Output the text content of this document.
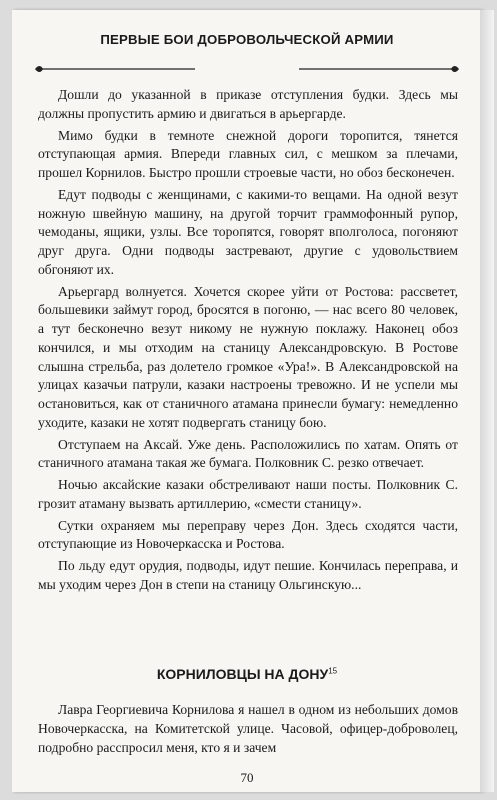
ПЕРВЫЕ БОИ ДОБРОВОЛЬЧЕСКОЙ АРМИИ

Дошли до указанной в приказе отступления будки. Здесь мы должны пропустить армию и двигаться в арьергарде.

Мимо будки в темноте снежной дороги торопится, тянется отступающая армия. Впереди главных сил, с мешком за плечами, прошел Корнилов. Быстро прошли строевые части, но обоз бесконечен.

Едут подводы с женщинами, с какими-то вещами. На одной везут ножную швейную машину, на другой торчит граммофонный рупор, чемоданы, ящики, узлы. Все торопятся, говорят вполголоса, погоняют друг друга. Одни подводы застревают, другие с удовольствием обгоняют их.

Арьергард волнуется. Хочется скорее уйти от Ростова: рассветет, большевики займут город, бросятся в погоню, — нас всего 80 человек, а тут бесконечно везут никому не нужную поклажу. Наконец обоз кончился, и мы отходим на станицу Александровскую. В Ростове слышна стрельба, раз долетело громкое «Ура!». В Александровской на улицах казачьи патрули, казаки настроены тревожно. И не успели мы остановиться, как от станичного атамана принесли бумагу: немедленно уходите, казаки не хотят подвергать станицу бою.

Отступаем на Аксай. Уже день. Расположились по хатам. Опять от станичного атамана такая же бумага. Полковник С. резко отвечает.

Ночью аксайские казаки обстреливают наши посты. Полковник С. грозит атаману вызвать артиллерию, «смести станицу».

Сутки охраняем мы переправу через Дон. Здесь сходятся части, отступающие из Новочеркасска и Ростова.

По льду едут орудия, подводы, идут пешие. Кончилась переправа, и мы уходим через Дон в степи на станицу Ольгинскую...

КОРНИЛОВЦЫ НА ДОНУ$^{15}$

Лавра Георгиевича Корнилова я нашел в одном из небольших домов Новочеркасска, на Комитетской улице. Часовой, офицер-доброволец, подробно расспросил меня, кто я и зачем

70
